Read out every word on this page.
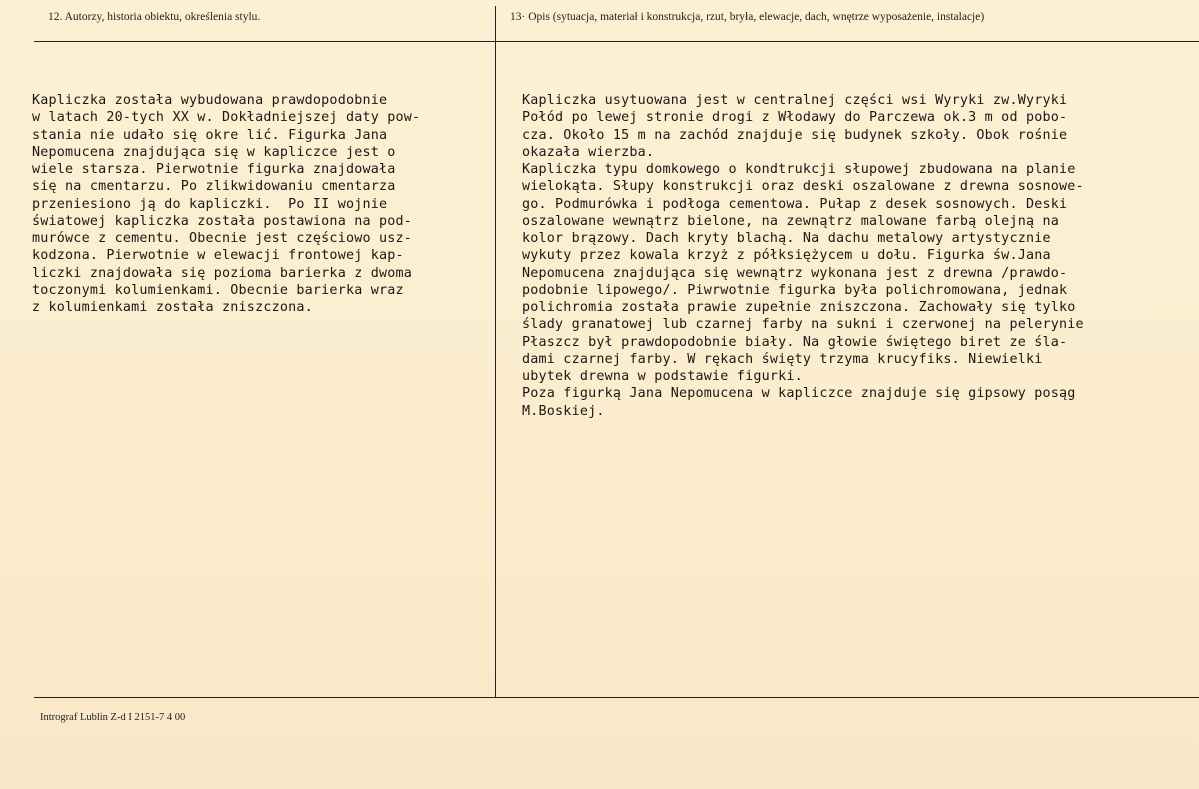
12. Autorzy, historia obiektu, określenia stylu.	13· Opis (sytuacja, materiał i konstrukcja, rzut, bryła, elewacje, dach, wnętrze wyposażenie, instalacje)
Kapliczka została wybudowana prawdopodobnie
w latach 20-tych XX w. Dokładniejszej daty pow-
stania nie udało się okre lić. Figurka Jana
Nepomucena znajdująca się w kapliczce jest o
wiele starsza. Pierwotnie figurka znajdowała
się na cmentarzu. Po zlikwidowaniu cmentarza
przeniesiono ją do kapliczki.  Po II wojnie
światowej kapliczka została postawiona na pod-
murówce z cementu. Obecnie jest częściowo usz-
kodzona. Pierwotnie w elewacji frontowej kap-
liczki znajdowała się pozioma barierka z dwoma
toczonymi kolumienkami. Obecnie barierka wraz
z kolumienkami została zniszczona.
Kapliczka usytuowana jest w centralnej części wsi Wyryki zw.Wyryki
Połód po lewej stronie drogi z Włodawy do Parczewa ok.3 m od pobo-
cza. Około 15 m na zachód znajduje się budynek szkoły. Obok rośnie
okazała wierzba.
Kapliczka typu domkowego o kondtrukcji słupowej zbudowana na planie
wielokąta. Słupy konstrukcji oraz deski oszalowane z drewna sosnowe-
go. Podmurówka i podłoga cementowa. Pułap z desek sosnowych. Deski
oszalowane wewnątrz bielone, na zewnątrz malowane farbą olejną na
kolor brązowy. Dach kryty blachą. Na dachu metalowy artystycznie
wykuty przez kowala krzyż z półksiężycem u dołu. Figurka św.Jana
Nepomucena znajdująca się wewnątrz wykonana jest z drewna /prawdo-
podobnie lipowego/. Piwrwotnie figurka była polichromowana, jednak
polichromia została prawie zupełnie zniszczona. Zachowały się tylko
ślady granatowej lub czarnej farby na sukni i czerwonej na pelerynie
Płaszcz był prawdopodobnie biały. Na głowie świętego biret ze śla-
dami czarnej farby. W rękach święty trzyma krucyfiks. Niewielki
ubytek drewna w podstawie figurki.
Poza figurką Jana Nepomucena w kapliczce znajduje się gipsowy posąg
M.Boskiej.
Intrograf Lublin Z-d I 2151-7 4 00
